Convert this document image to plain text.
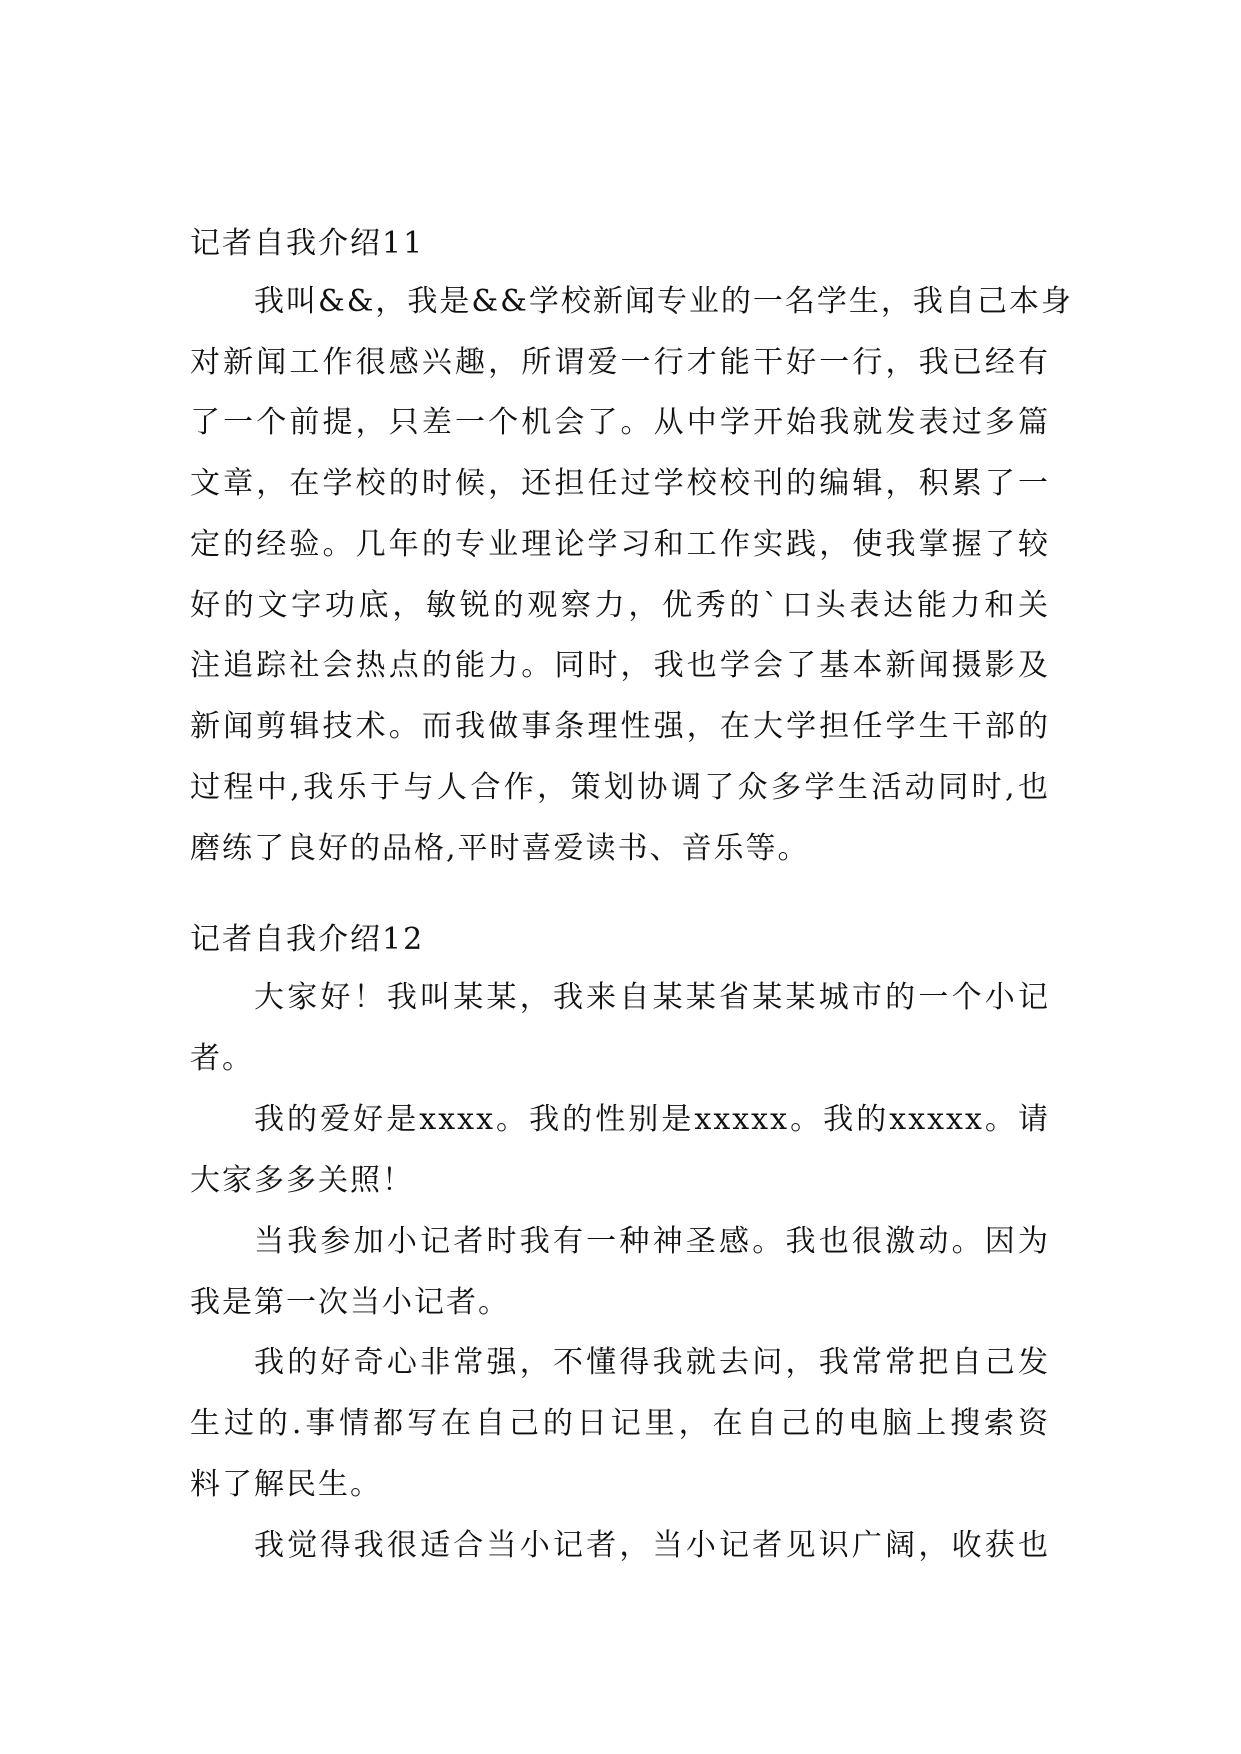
记者自我介绍11
我叫&&，我是&&学校新闻专业的一名学生，我自己本身
对新闻工作很感兴趣，所谓爱一行才能干好一行，我已经有
了一个前提，只差一个机会了。从中学开始我就发表过多篇
文章，在学校的时候，还担任过学校校刊的编辑，积累了一
定的经验。几年的专业理论学习和工作实践，使我掌握了较
好的文字功底，敏锐的观察力，优秀的`口头表达能力和关
注追踪社会热点的能力。同时，我也学会了基本新闻摄影及
新闻剪辑技术。而我做事条理性强，在大学担任学生干部的
过程中,我乐于与人合作，策划协调了众多学生活动同时,也
磨练了良好的品格,平时喜爱读书、音乐等。
记者自我介绍12
大家好！我叫某某，我来自某某省某某城市的一个小记
者。
我的爱好是xxxx。我的性别是xxxxx。我的xxxxx。请
大家多多关照！
当我参加小记者时我有一种神圣感。我也很激动。因为
我是第一次当小记者。
我的好奇心非常强，不懂得我就去问，我常常把自己发
生过的.事情都写在自己的日记里，在自己的电脑上搜索资
料了解民生。
我觉得我很适合当小记者，当小记者见识广阔，收获也
